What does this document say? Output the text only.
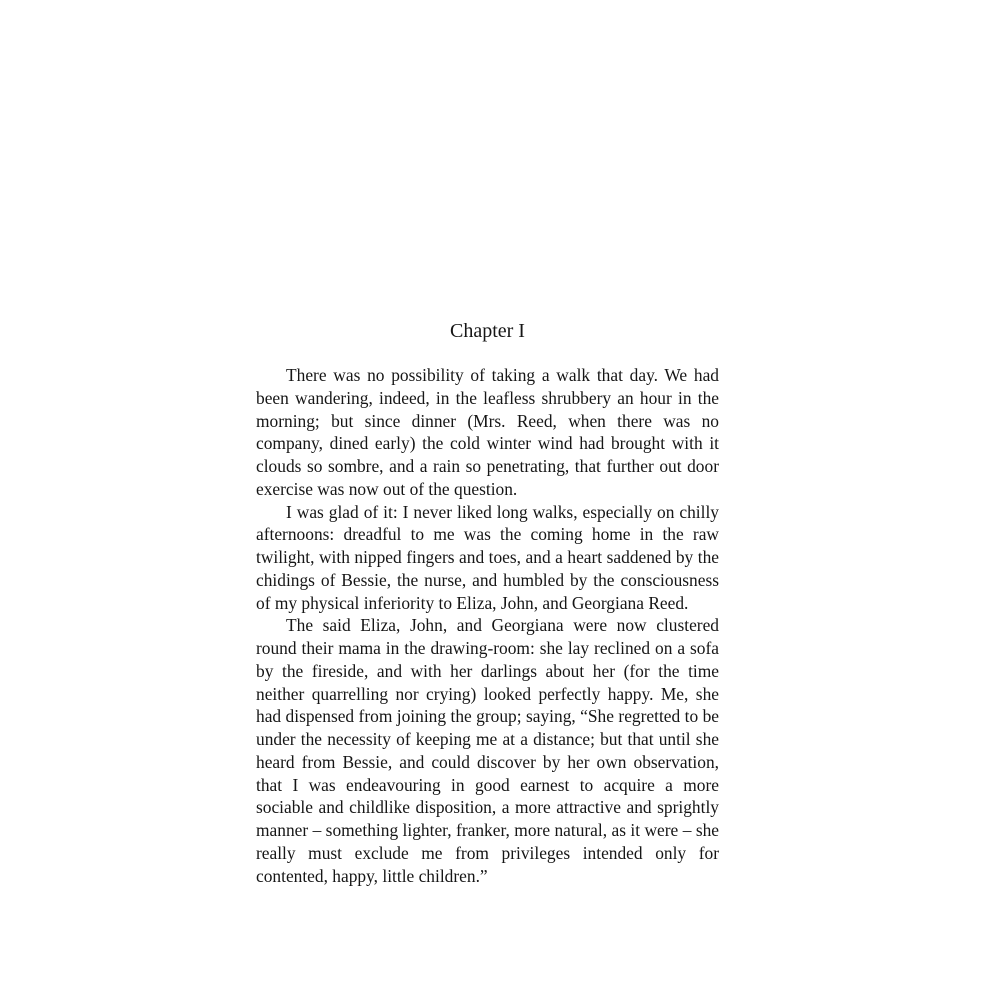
Chapter I

There was no possibility of taking a walk that day. We had been wandering, indeed, in the leafless shrubbery an hour in the morning; but since dinner (Mrs. Reed, when there was no company, dined early) the cold winter wind had brought with it clouds so sombre, and a rain so penetrating, that further out door exercise was now out of the question.

I was glad of it: I never liked long walks, especially on chilly afternoons: dreadful to me was the coming home in the raw twilight, with nipped fingers and toes, and a heart saddened by the chidings of Bessie, the nurse, and humbled by the consciousness of my physical inferiority to Eliza, John, and Georgiana Reed.

The said Eliza, John, and Georgiana were now clustered round their mama in the drawing-room: she lay reclined on a sofa by the fireside, and with her darlings about her (for the time neither quarrelling nor crying) looked perfectly happy. Me, she had dispensed from joining the group; saying, “She regretted to be under the necessity of keeping me at a distance; but that until she heard from Bessie, and could discover by her own observation, that I was endeavouring in good earnest to acquire a more sociable and childlike disposition, a more attractive and sprightly manner – something lighter, franker, more natural, as it were – she really must exclude me from privileges intended only for contented, happy, little children.”
